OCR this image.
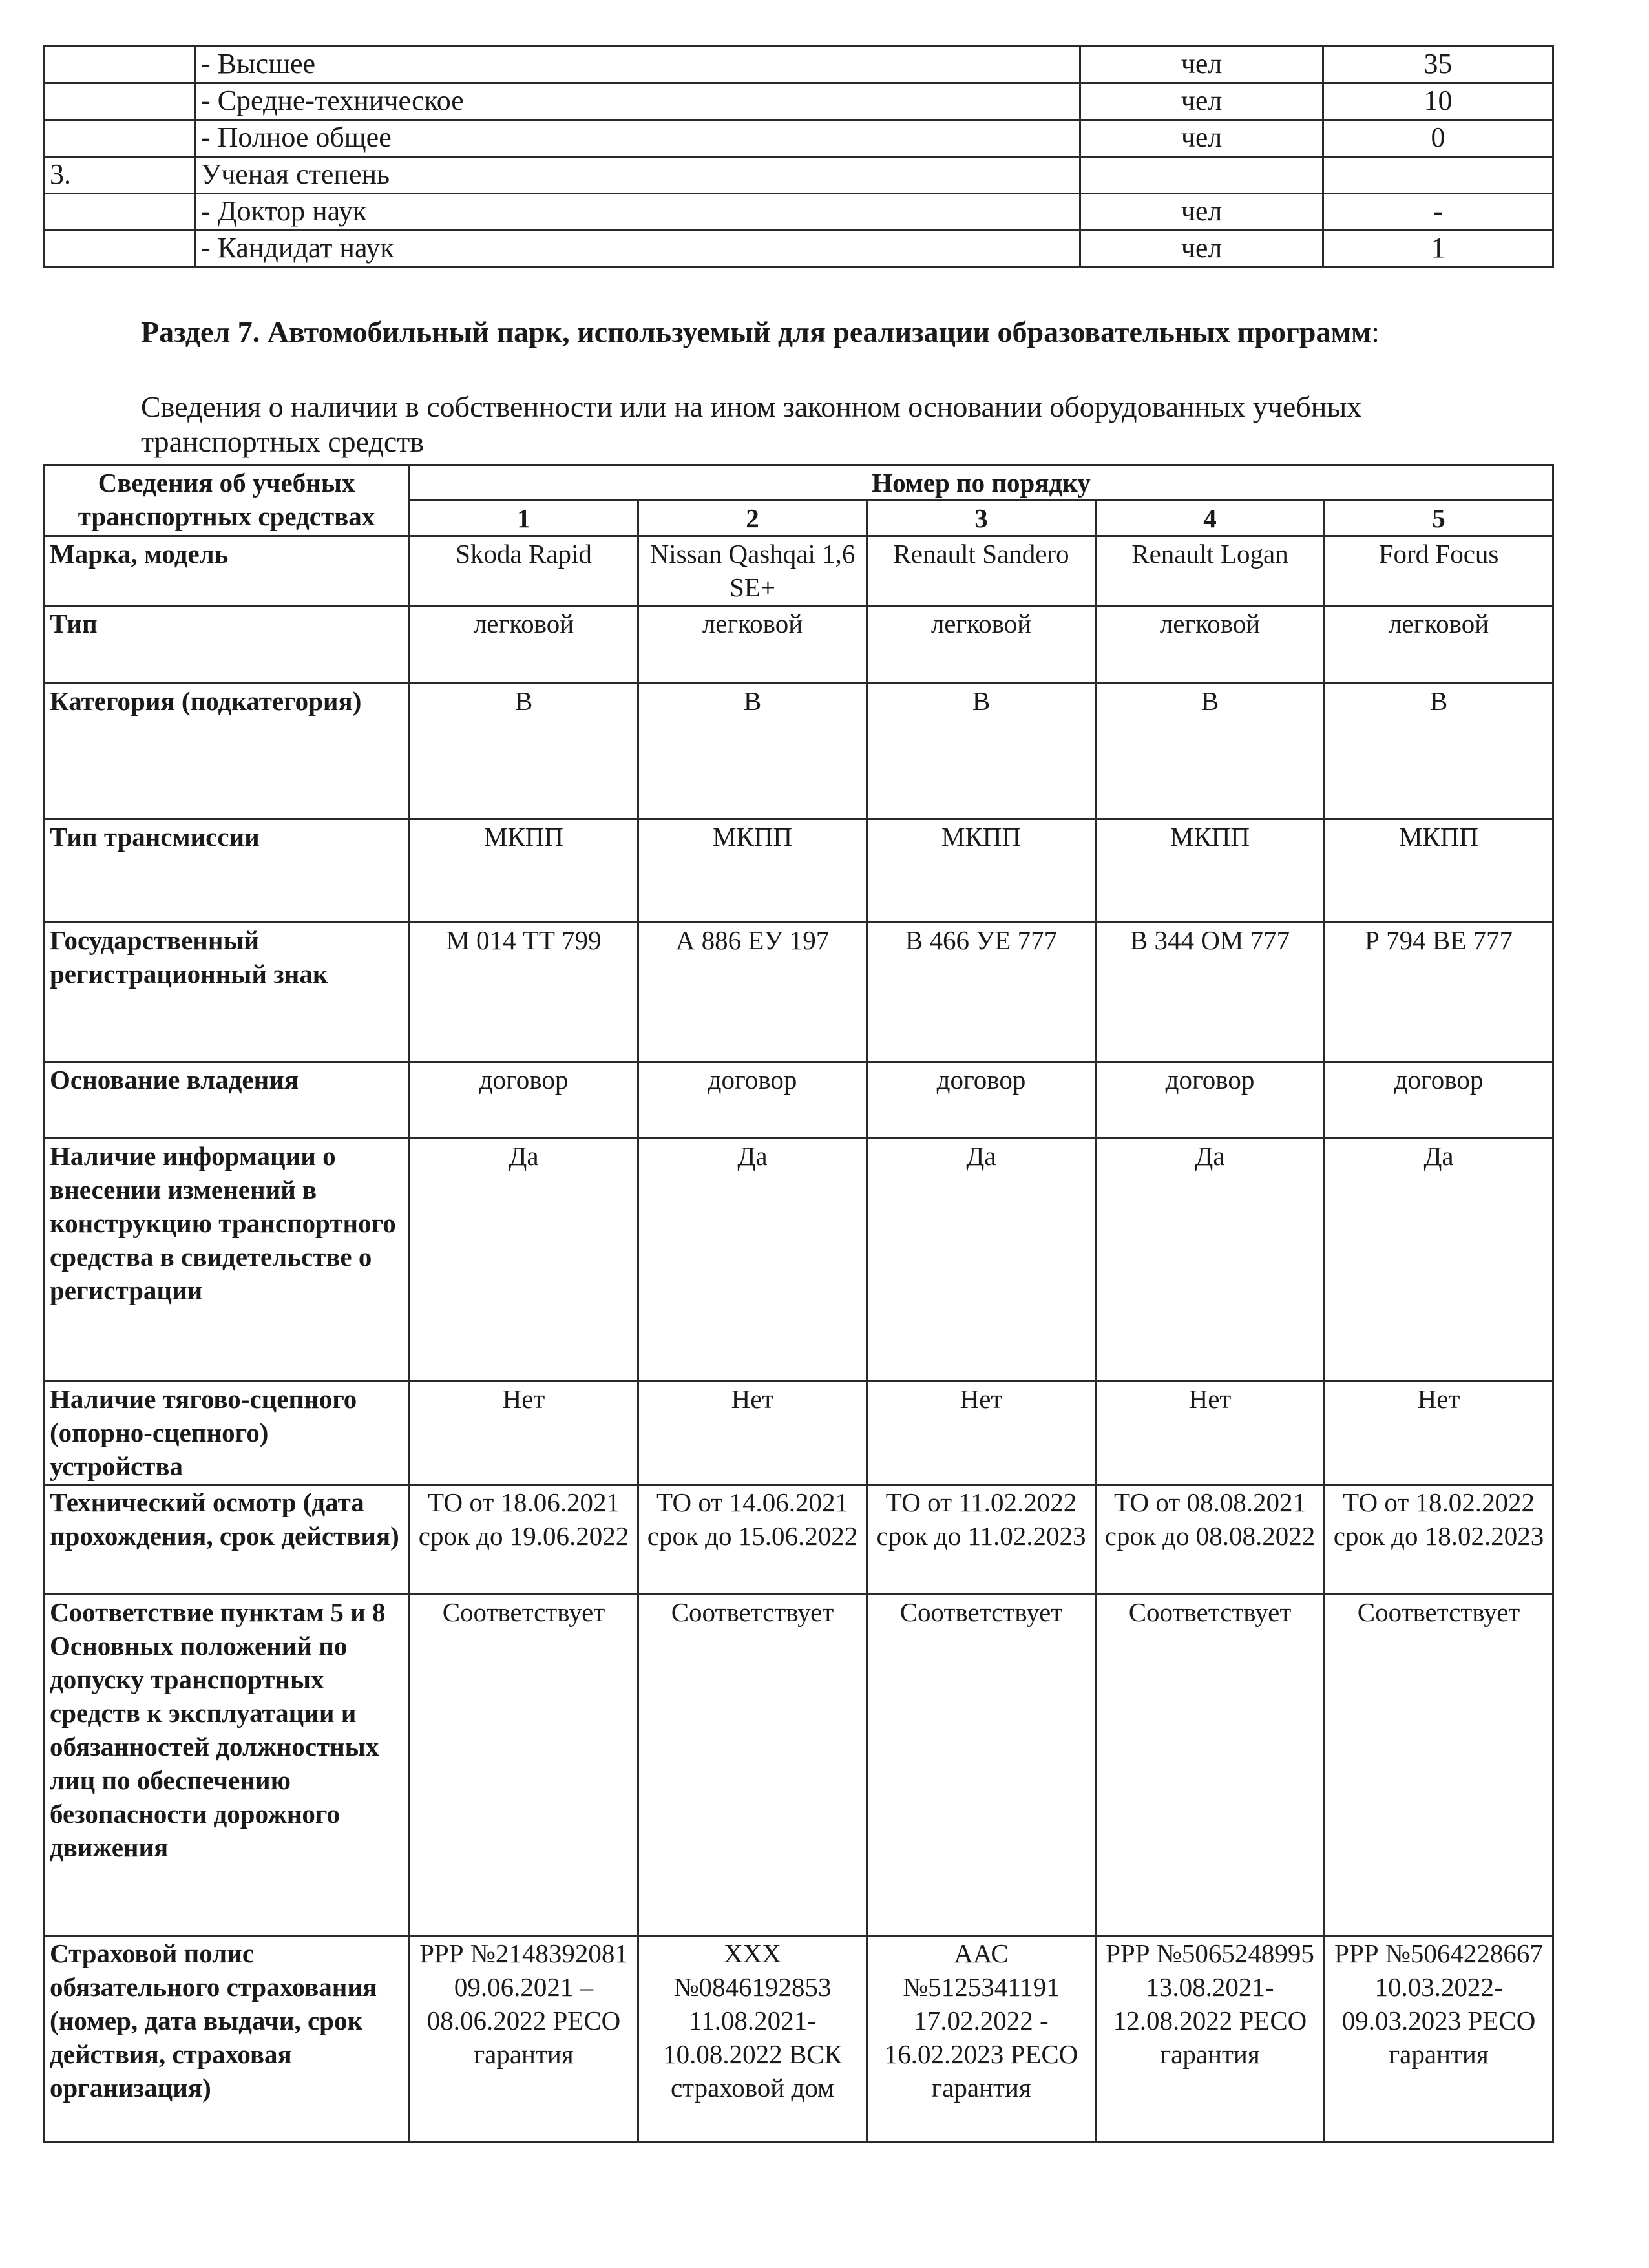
	- Высшее	чел	35
	- Средне-техническое	чел	10
	- Полное общее	чел	0
3.	Ученая степень		
	- Доктор наук	чел	-
	- Кандидат наук	чел	1
Раздел 7. Автомобильный парк, используемый для реализации образовательных программ:
Сведения о наличии в собственности или на ином законном основании оборудованных учебных транспортных средств
Сведения об учебных транспортных средствах	Номер по порядку				
	1	2	3	4	5
Марка, модель	Skoda Rapid	Nissan Qashqai 1,6 SE+	Renault Sandero	Renault Logan	Ford Focus
Тип	легковой	легковой	легковой	легковой	легковой
Категория (подкатегория)	В	В	В	В	В
Тип трансмиссии	МКПП	МКПП	МКПП	МКПП	МКПП
Государственный регистрационный знак	М 014 ТТ 799	А 886 ЕУ 197	В 466 УЕ 777	В 344 ОМ 777	Р 794 ВЕ 777
Основание владения	договор	договор	договор	договор	договор
Наличие информации о внесении изменений в конструкцию транспортного средства в свидетельстве о регистрации	Да	Да	Да	Да	Да
Наличие тягово-сцепного (опорно-сцепного) устройства	Нет	Нет	Нет	Нет	Нет
Технический осмотр (дата прохождения, срок действия)	ТО от 18.06.2021 срок до 19.06.2022	ТО от 14.06.2021 срок до 15.06.2022	ТО от 11.02.2022 срок до 11.02.2023	ТО от 08.08.2021 срок до 08.08.2022	ТО от 18.02.2022 срок до 18.02.2023
Соответствие пунктам 5 и 8 Основных положений по допуску транспортных средств к эксплуатации и обязанностей должностных лиц по обеспечению безопасности дорожного движения	Соответствует	Соответствует	Соответствует	Соответствует	Соответствует
Страховой полис обязательного страхования (номер, дата выдачи, срок действия, страховая организация)	РРР №2148392081 09.06.2021 – 08.06.2022 РЕСО гарантия	ХХХ №0846192853 11.08.2021-10.08.2022 ВСК страховой дом	ААС №5125341191 17.02.2022 - 16.02.2023 РЕСО гарантия	РРР №5065248995 13.08.2021-12.08.2022 РЕСО гарантия	РРР №5064228667 10.03.2022-09.03.2023 РЕСО гарантия
